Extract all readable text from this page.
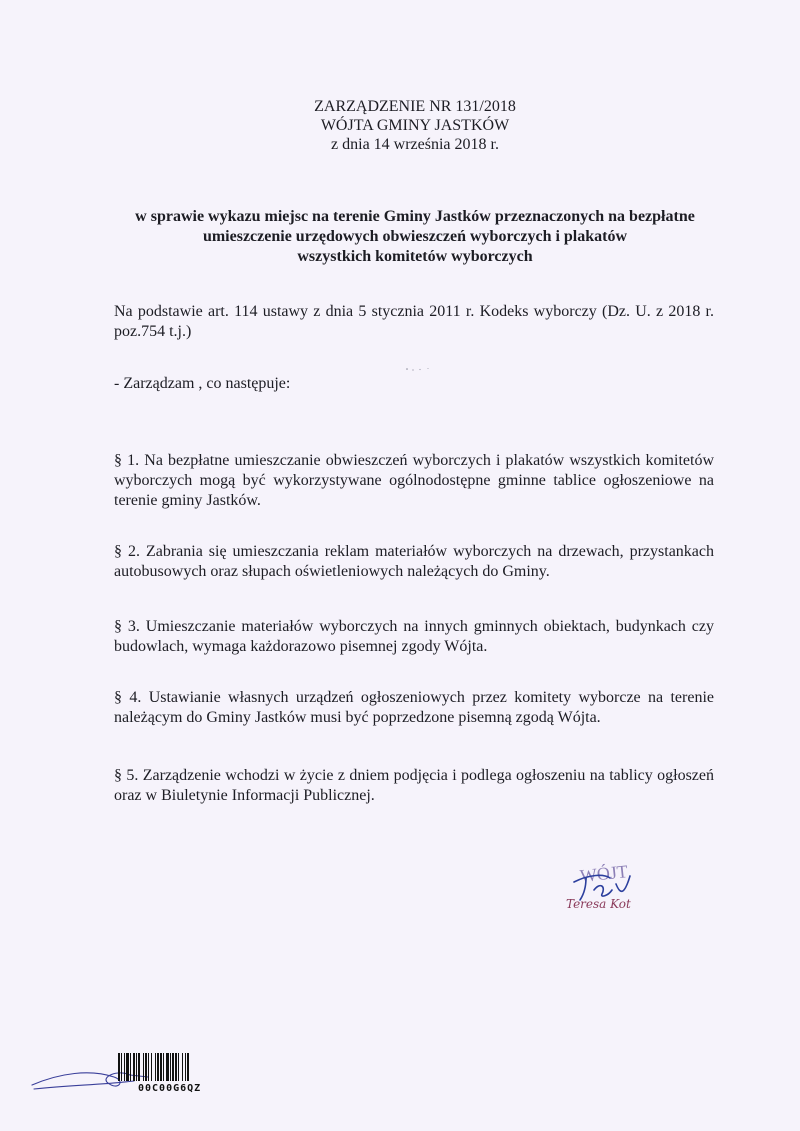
ZARZĄDZENIE NR 131/2018
WÓJTA GMINY JASTKÓW
z dnia 14 września 2018 r.
w sprawie wykazu miejsc na terenie Gminy Jastków przeznaczonych na bezpłatne
umieszczenie urzędowych obwieszczeń wyborczych i plakatów
wszystkich komitetów wyborczych
Na podstawie art. 114 ustawy z dnia 5 stycznia 2011 r. Kodeks wyborczy (Dz. U. z 2018 r.
poz.754 t.j.)
- Zarządzam , co następuje:
§ 1. Na bezpłatne umieszczanie obwieszczeń wyborczych i plakatów wszystkich komitetów
wyborczych mogą być wykorzystywane ogólnodostępne gminne tablice ogłoszeniowe na
terenie gminy Jastków.
§ 2. Zabrania się umieszczania reklam materiałów wyborczych na drzewach, przystankach
autobusowych oraz słupach oświetleniowych należących do Gminy.
§ 3. Umieszczanie materiałów wyborczych na innych gminnych obiektach, budynkach czy
budowlach, wymaga każdorazowo pisemnej zgody Wójta.
§ 4. Ustawianie własnych urządzeń ogłoszeniowych przez komitety wyborcze na terenie
należącym do Gminy Jastków musi być poprzedzone pisemną zgodą Wójta.
§ 5. Zarządzenie wchodzi w życie z dniem podjęcia i podlega ogłoszeniu na tablicy ogłoszeń
oraz w Biuletynie Informacji Publicznej.
WÓJT
Teresa Kot
00C00G6QZ
